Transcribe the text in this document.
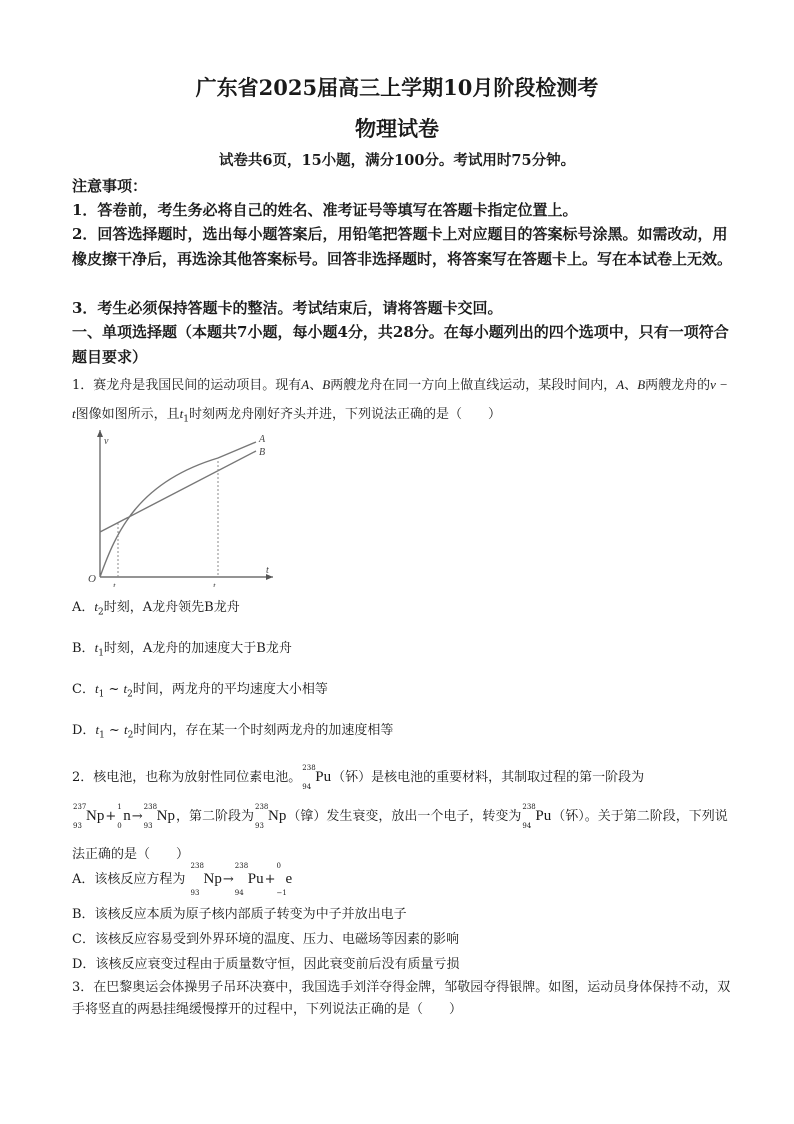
广东省2025届高三上学期10月阶段检测考
物理试卷
试卷共6页，15小题，满分100分。考试用时75分钟。
注意事项：
1．答卷前，考生务必将自己的姓名、准考证号等填写在答题卡指定位置上。
2．回答选择题时，选出每小题答案后，用铅笔把答题卡上对应题目的答案标号涂黑。如需改动，用橡皮擦干净后，再选涂其他答案标号。回答非选择题时，将答案写在答题卡上。写在本试卷上无效。
3．考生必须保持答题卡的整洁。考试结束后，请将答题卡交回。
一、单项选择题（本题共7小题，每小题4分，共28分。在每小题列出的四个选项中，只有一项符合题目要求）
1．赛龙舟是我国民间的运动项目。现有A、B两艘龙舟在同一方向上做直线运动，某段时间内，A、B两艘龙舟的v − t图像如图所示，且$t_1$时刻两龙舟刚好齐头并进，下列说法正确的是（　　）
O
v
t
t₁	t₂
A
B
A．$t_2$时刻，A龙舟领先B龙舟
B．$t_1$时刻，A龙舟的加速度大于B龙舟
C．$t_1$ ~ $t_2$时间，两龙舟的平均速度大小相等
D．$t_1$ ~ $t_2$时间内，存在某一个时刻两龙舟的加速度相等
2．核电池，也称为放射性同位素电池。
238
94
Pu（钚）是核电池的重要材料，其制取过程的第一阶段为

237
93
Np+
1
0
n→
238
93
Np，第二阶段为
238
93
Np（镎）发生衰变，放出一个电子，转变为
238
94
Pu（钚）。关于第二阶段，下列说法正确的是（　　）
A．该核反应方程为
238
93
Np→
238
94
Pu+
0
−1
e
B．该核反应本质为原子核内部质子转变为中子并放出电子
C．该核反应容易受到外界环境的温度、压力、电磁场等因素的影响
D．该核反应衰变过程由于质量数守恒，因此衰变前后没有质量亏损
3．在巴黎奥运会体操男子吊环决赛中，我国选手刘洋夺得金牌，邹敬园夺得银牌。如图，运动员身体保持不动，双手将竖直的两悬挂绳缓慢撑开的过程中，下列说法正确的是（　　）
